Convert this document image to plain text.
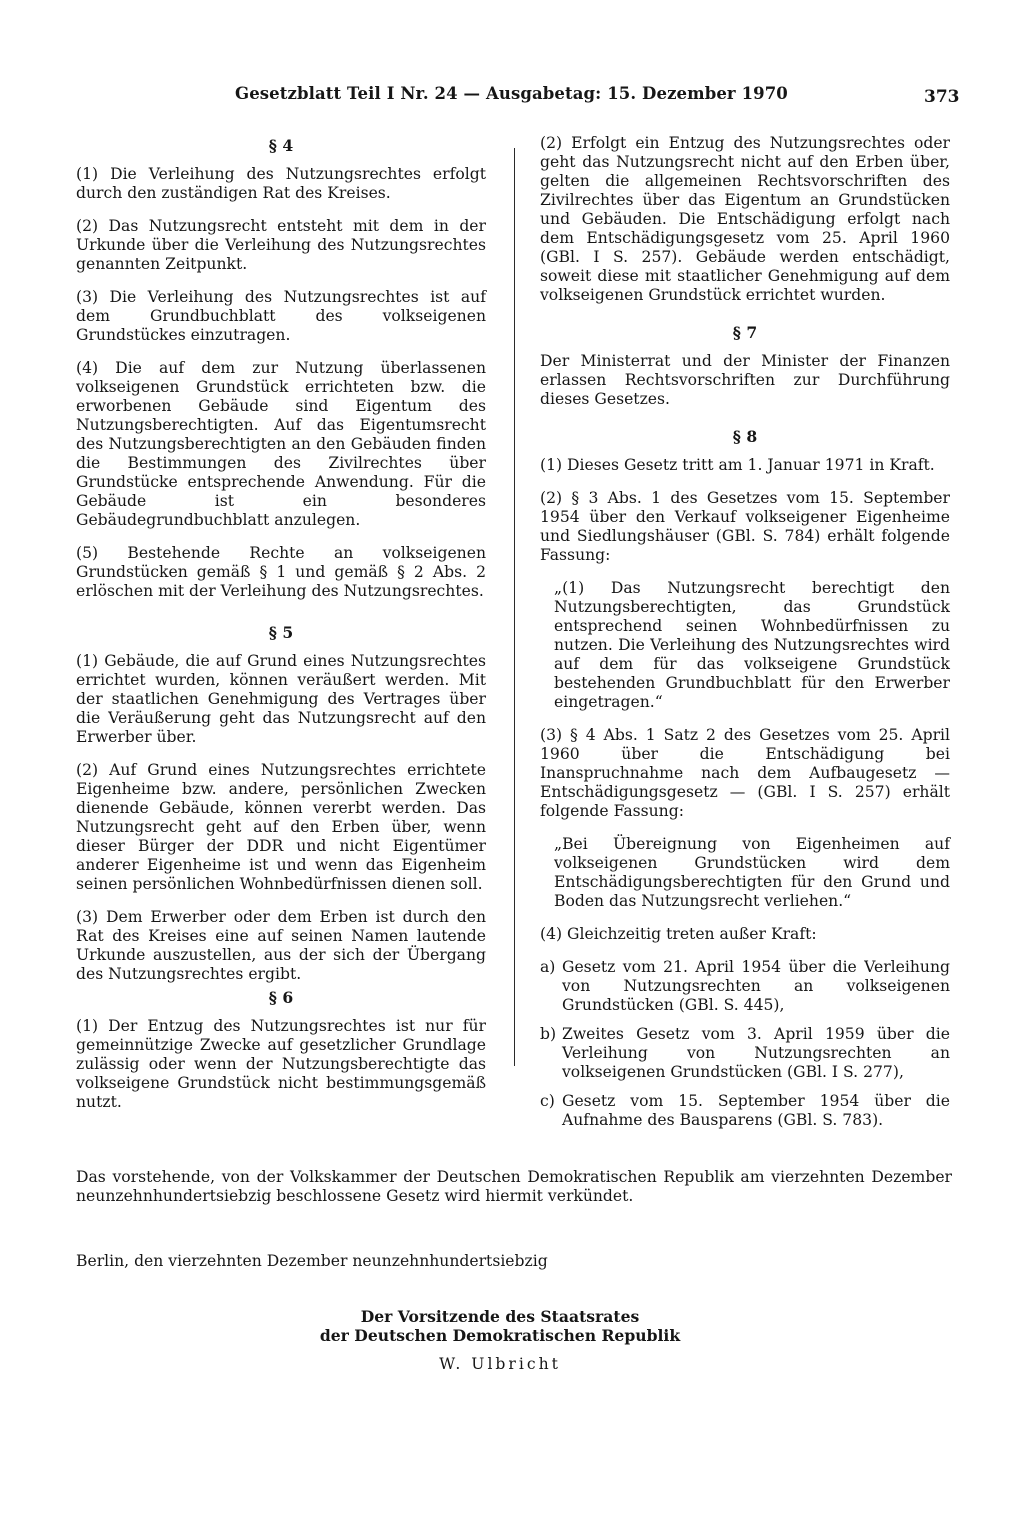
Gesetzblatt Teil I Nr. 24 — Ausgabetag: 15. Dezember 1970	373
§ 4

(1) Die Verleihung des Nutzungsrechtes erfolgt durch den zuständigen Rat des Kreises.

(2) Das Nutzungsrecht entsteht mit dem in der Urkunde über die Verleihung des Nutzungsrechtes genannten Zeitpunkt.

(3) Die Verleihung des Nutzungsrechtes ist auf dem Grundbuchblatt des volkseigenen Grundstückes einzutragen.

(4) Die auf dem zur Nutzung überlassenen volkseigenen Grundstück errichteten bzw. die erworbenen Gebäude sind Eigentum des Nutzungsberechtigten. Auf das Eigentumsrecht des Nutzungsberechtigten an den Gebäuden finden die Bestimmungen des Zivilrechtes über Grundstücke entsprechende Anwendung. Für die Gebäude ist ein besonderes Gebäudegrundbuchblatt anzulegen.

(5) Bestehende Rechte an volkseigenen Grundstücken gemäß § 1 und gemäß § 2 Abs. 2 erlöschen mit der Verleihung des Nutzungsrechtes.

§ 5

(1) Gebäude, die auf Grund eines Nutzungsrechtes errichtet wurden, können veräußert werden. Mit der staatlichen Genehmigung des Vertrages über die Veräußerung geht das Nutzungsrecht auf den Erwerber über.

(2) Auf Grund eines Nutzungsrechtes errichtete Eigenheime bzw. andere, persönlichen Zwecken dienende Gebäude, können vererbt werden. Das Nutzungsrecht geht auf den Erben über, wenn dieser Bürger der DDR und nicht Eigentümer anderer Eigenheime ist und wenn das Eigenheim seinen persönlichen Wohnbedürfnissen dienen soll.

(3) Dem Erwerber oder dem Erben ist durch den Rat des Kreises eine auf seinen Namen lautende Urkunde auszustellen, aus der sich der Übergang des Nutzungsrechtes ergibt.

§ 6

(1) Der Entzug des Nutzungsrechtes ist nur für gemeinnützige Zwecke auf gesetzlicher Grundlage zulässig oder wenn der Nutzungsberechtigte das volkseigene Grundstück nicht bestimmungsgemäß nutzt.

(2) Erfolgt ein Entzug des Nutzungsrechtes oder geht das Nutzungsrecht nicht auf den Erben über, gelten die allgemeinen Rechtsvorschriften des Zivilrechtes über das Eigentum an Grundstücken und Gebäuden. Die Entschädigung erfolgt nach dem Entschädigungsgesetz vom 25. April 1960 (GBl. I S. 257). Gebäude werden entschädigt, soweit diese mit staatlicher Genehmigung auf dem volkseigenen Grundstück errichtet wurden.

§ 7

Der Ministerrat und der Minister der Finanzen erlassen Rechtsvorschriften zur Durchführung dieses Gesetzes.

§ 8

(1) Dieses Gesetz tritt am 1. Januar 1971 in Kraft.

(2) § 3 Abs. 1 des Gesetzes vom 15. September 1954 über den Verkauf volkseigener Eigenheime und Siedlungshäuser (GBl. S. 784) erhält folgende Fassung:

„(1) Das Nutzungsrecht berechtigt den Nutzungsberechtigten, das Grundstück entsprechend seinen Wohnbedürfnissen zu nutzen. Die Verleihung des Nutzungsrechtes wird auf dem für das volkseigene Grundstück bestehenden Grundbuchblatt für den Erwerber eingetragen.“

(3) § 4 Abs. 1 Satz 2 des Gesetzes vom 25. April 1960 über die Entschädigung bei Inanspruchnahme nach dem Aufbaugesetz — Entschädigungsgesetz — (GBl. I S. 257) erhält folgende Fassung:

„Bei Übereignung von Eigenheimen auf volkseigenen Grundstücken wird dem Entschädigungsberechtigten für den Grund und Boden das Nutzungsrecht verliehen.“

(4) Gleichzeitig treten außer Kraft:

a) Gesetz vom 21. April 1954 über die Verleihung von Nutzungsrechten an volkseigenen Grundstücken (GBl. S. 445),
b) Zweites Gesetz vom 3. April 1959 über die Verleihung von Nutzungsrechten an volkseigenen Grundstücken (GBl. I S. 277),
c) Gesetz vom 15. September 1954 über die Aufnahme des Bausparens (GBl. S. 783).

Das vorstehende, von der Volkskammer der Deutschen Demokratischen Republik am vierzehnten Dezember neunzehnhundertsiebzig beschlossene Gesetz wird hiermit verkündet.

Berlin, den vierzehnten Dezember neunzehnhundertsiebzig

Der Vorsitzende des Staatsrates
der Deutschen Demokratischen Republik
W. Ulbricht
